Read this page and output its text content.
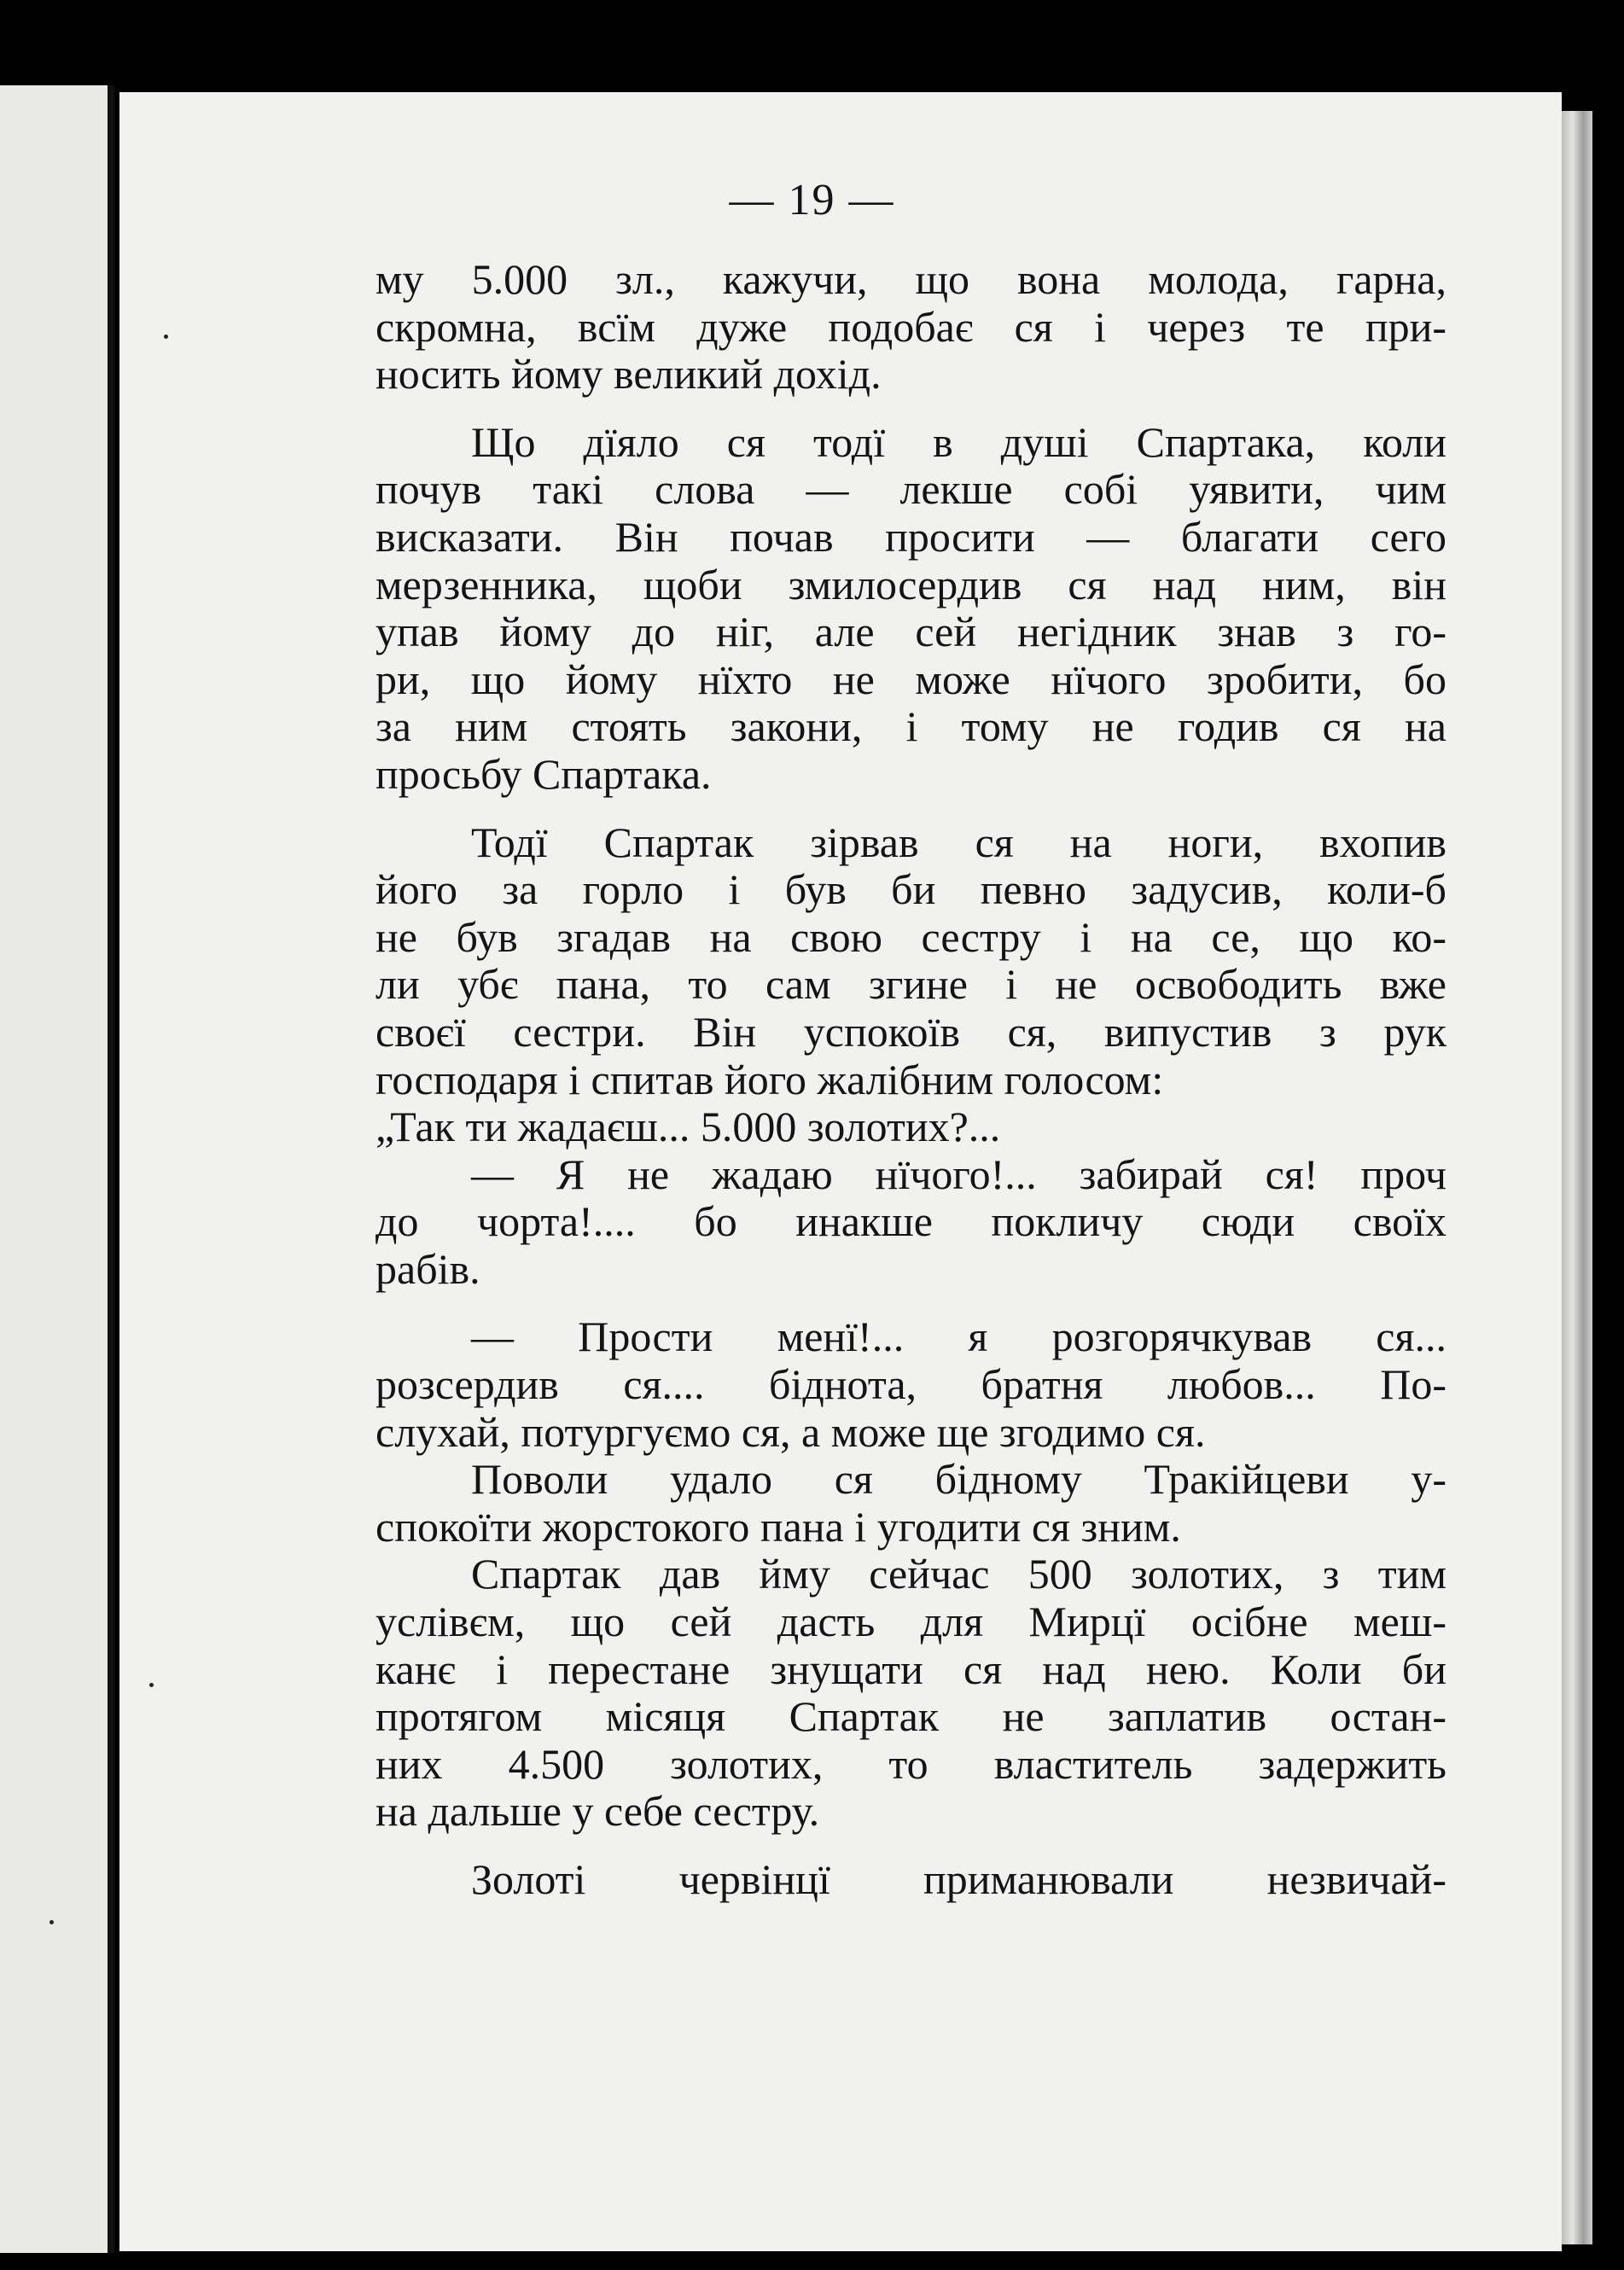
— 19 —
му 5.000 зл., кажучи, що вона молода, гарна,
скромна, всїм дуже подобає ся і через те при-
носить йому великий дохід.
Що дїяло ся тодї в душі Спартака, коли
почув такі слова — лекше собі уявити, чим
висказати. Він почав просити — благати сего
мерзенника, щоби змилосердив ся над ним, він
упав йому до ніг, але сей негідник знав з го-
ри, що йому нїхто не може нїчого зробити, бо
за ним стоять закони, і тому не годив ся на
просьбу Спартака.
Тодї Спартак зірвав ся на ноги, вхопив
його за горло і був би певно задусив, коли-б
не був згадав на свою сестру і на се, що ко-
ли убє пана, то сам згине і не освободить вже
своєї сестри. Він успокоїв ся, випустив з рук
господаря і спитав його жалібним голосом:
„Так ти жадаєш... 5.000 золотих?...
— Я не жадаю нїчого!... забирай ся! проч
до чорта!.... бо инакше покличу сюди своїх
рабів.
— Прости менї!... я розгорячкував ся...
розсердив ся.... біднота, братня любов... По-
слухай, потургуємо ся, а може ще згодимо ся.
Поволи удало ся бідному Тракійцеви у-
спокоїти жорстокого пана і угодити ся зним.
Спартак дав йму сейчас 500 золотих, з тим
услівєм, що сей дасть для Мирцї осібне меш-
канє і перестане знущати ся над нею. Коли би
протягом місяця Спартак не заплатив остан-
них 4.500 золотих, то властитель задержить
на дальше у себе сестру.
Золоті червінцї приманювали незвичай-
